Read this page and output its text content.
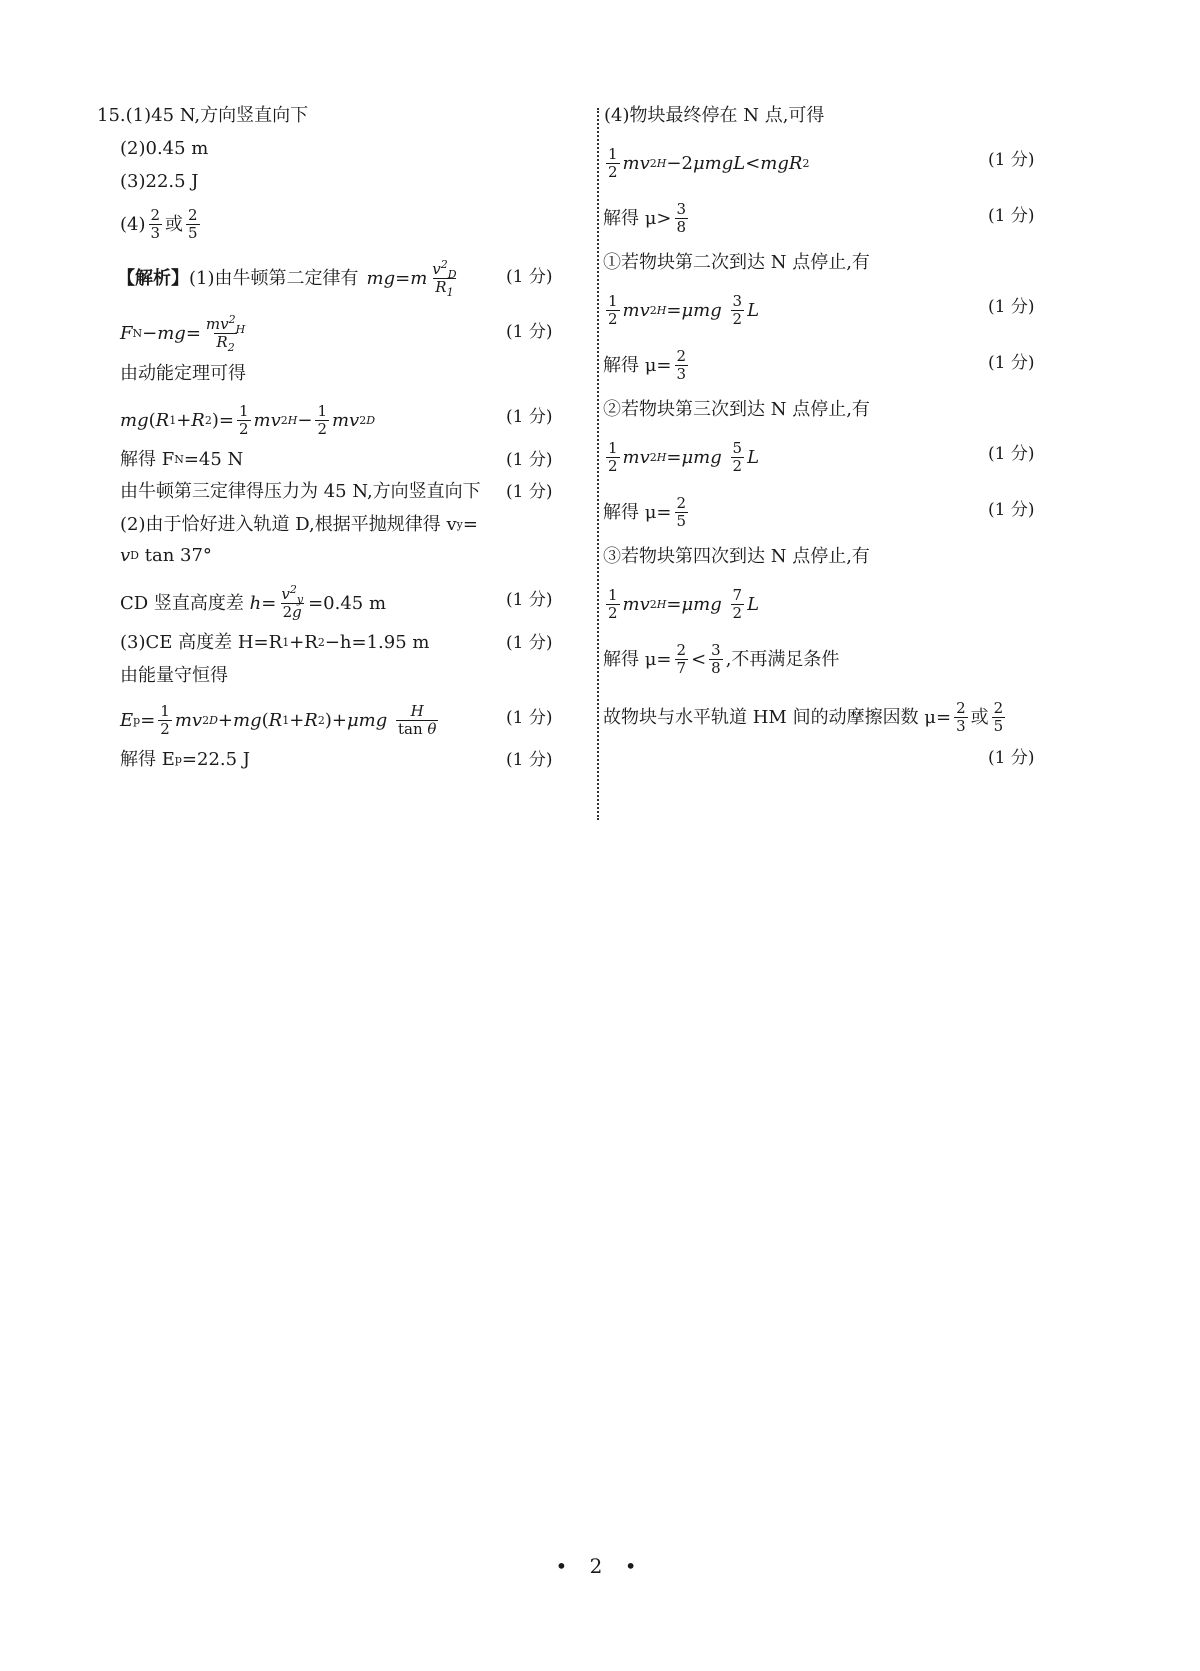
15. (1)45 N,方向竖直向下
(2)0.45 m
(3)22.5 J
$(4) \frac{2}{3}$ 或 $\frac{2}{5}$
【解析】 (1)由牛顿第二定律有 mg = m $\frac{v^2_D}{R_1}$	(1 分)
F N − mg = $\frac{mv^2_H}{R_2}$	(1 分)
由动能定理可得
mg ( R 1 + R 2 )= $\frac{1}{2}$ mv 2 $H - \frac{1}{2}$ mv 2 D	(1 分)
解得 F N =45 N	(1 分)
由牛顿第三定律得压力为 45 N,方向竖直向下 (1 分)
(2)由于恰好进入轨道 D,根据平抛规律得 v y =
v D
tan 37°
CD 竖直高度差
$h = \frac{v^2_y}{2g} =0.45$ m	(1 分)
(3)CE 高度差 H=R 1 +R 2 −h=1.95 m	(1 分)
由能量守恒得
E $p = \frac{1}{2}$ mv 2 D + mg ( R 1 + R 2 )+ μmg
$\frac{H}{\text{tan θ}}$	(1 分)
解得 E p =22.5 J	(1 分)
(4)物块最终停在 N 点,可得
$\frac{1}{2}$ mv 2 H −2 μmgL < mgR 2	(1 分)
解得 $\mu> \frac{3}{8}$	(1 分)
①若物块第二次到达 N 点停止,有
$\frac{1}{2}$ mv 2 H = μmg
$\frac{3}{2}$ L	(1 分)
解得 $\mu= \frac{2}{3}$	(1 分)
②若物块第三次到达 N 点停止,有
$\frac{1}{2}$ mv 2 H = μmg
$\frac{5}{2}$ L	(1 分)
解得 $\mu= \frac{2}{5}$	(1 分)
③若物块第四次到达 N 点停止,有
$\frac{1}{2}$ mv 2 H = μmg
$\frac{7}{2}$ L
解得 $\mu= \frac{2}{7} < \frac{3}{8}$ ,不再满足条件
故物块与水平轨道 HM 间的动摩擦因数 $\mu= \frac{2}{3}$ 或 $\frac{2}{5}$
(1 分)
• 2 •
